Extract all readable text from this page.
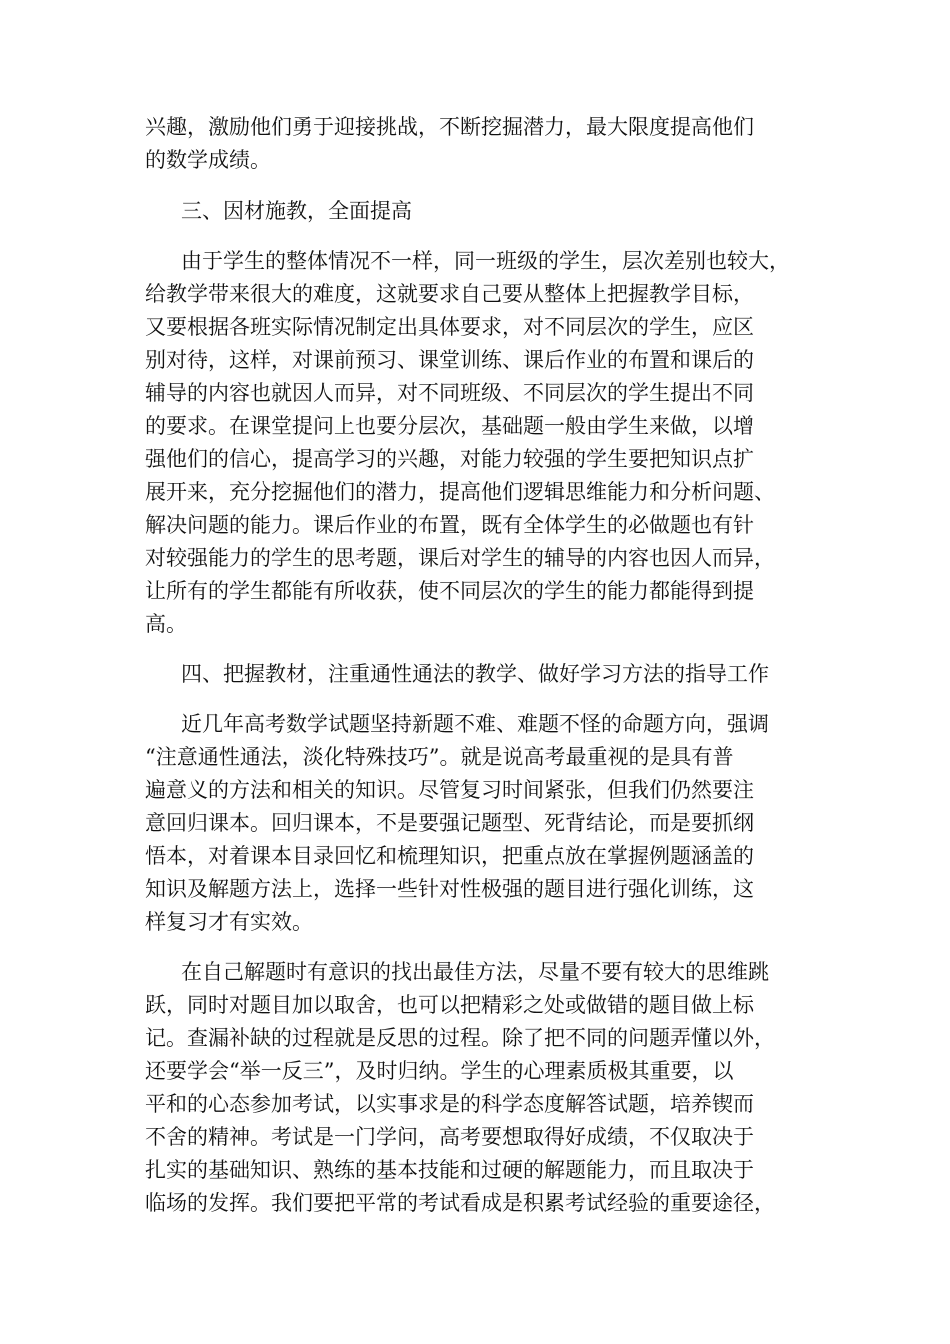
兴趣，激励他们勇于迎接挑战，不断挖掘潜力，最大限度提高他们
的数学成绩。
三、因材施教，全面提高
由于学生的整体情况不一样，同一班级的学生，层次差别也较大，
给教学带来很大的难度，这就要求自己要从整体上把握教学目标，
又要根据各班实际情况制定出具体要求，对不同层次的学生，应区
别对待，这样，对课前预习、课堂训练、课后作业的布置和课后的
辅导的内容也就因人而异，对不同班级、不同层次的学生提出不同
的要求。在课堂提问上也要分层次，基础题一般由学生来做，以增
强他们的信心，提高学习的兴趣，对能力较强的学生要把知识点扩
展开来，充分挖掘他们的潜力，提高他们逻辑思维能力和分析问题、
解决问题的能力。课后作业的布置，既有全体学生的必做题也有针
对较强能力的学生的思考题，课后对学生的辅导的内容也因人而异，
让所有的学生都能有所收获，使不同层次的学生的能力都能得到提
高。
四、把握教材，注重通性通法的教学、做好学习方法的指导工作
近几年高考数学试题坚持新题不难、难题不怪的命题方向，强调
“注意通性通法，淡化特殊技巧”。就是说高考最重视的是具有普
遍意义的方法和相关的知识。尽管复习时间紧张，但我们仍然要注
意回归课本。回归课本，不是要强记题型、死背结论，而是要抓纲
悟本，对着课本目录回忆和梳理知识，把重点放在掌握例题涵盖的
知识及解题方法上，选择一些针对性极强的题目进行强化训练，这
样复习才有实效。
在自己解题时有意识的找出最佳方法，尽量不要有较大的思维跳
跃，同时对题目加以取舍，也可以把精彩之处或做错的题目做上标
记。查漏补缺的过程就是反思的过程。除了把不同的问题弄懂以外，
还要学会“举一反三”，及时归纳。学生的心理素质极其重要，以
平和的心态参加考试，以实事求是的科学态度解答试题，培养锲而
不舍的精神。考试是一门学问，高考要想取得好成绩，不仅取决于
扎实的基础知识、熟练的基本技能和过硬的解题能力，而且取决于
临场的发挥。我们要把平常的考试看成是积累考试经验的重要途径，
